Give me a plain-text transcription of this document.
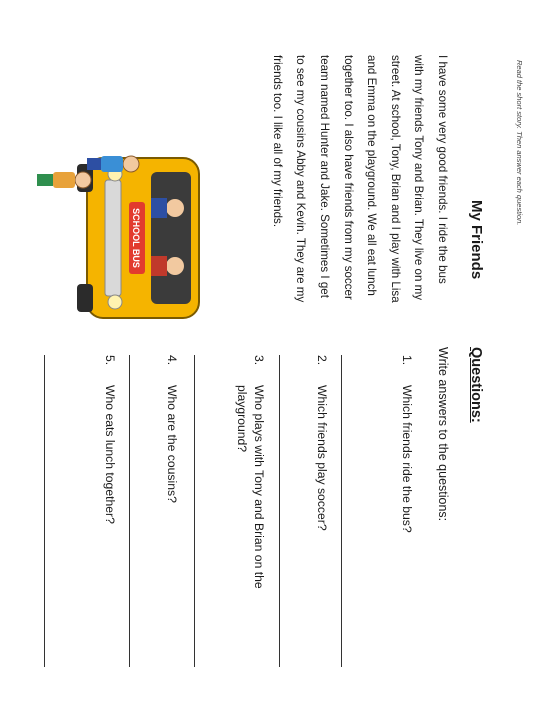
Read the short story. Then answer each question.
My Friends
I have some very good friends. I ride the bus
with my friends Tony and Brian. They live on my
street. At school, Tony, Brian and I play with Lisa
and Emma on the playground. We all eat lunch
together too. I also have friends from my soccer
team named Hunter and Jake. Sometimes I get
to see my cousins Abby and Kevin. They are my
friends too. I like all of my friends.
SCHOOL BUS
Questions:
Write answers to the questions:
1.
Which friends ride the bus?
2.
Which friends play soccer?
3.
Who plays with Tony and Brian on the
playground?
4.
Who are the cousins?
5.
Who eats lunch together?
